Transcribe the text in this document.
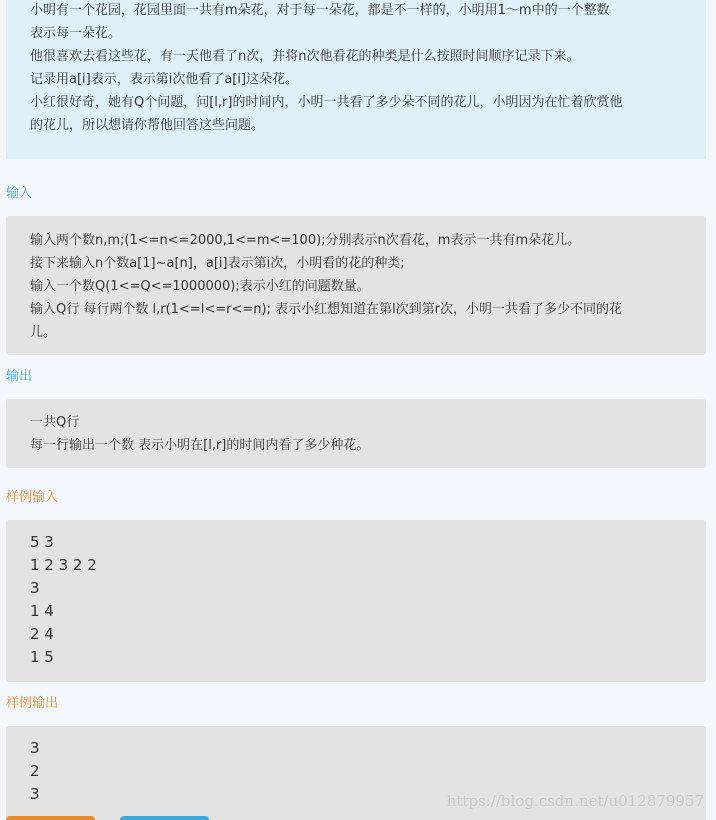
小明有一个花园，花园里面一共有m朵花，对于每一朵花，都是不一样的，小明用1～m中的一个整数

表示每一朵花。

他很喜欢去看这些花，有一天他看了n次，并将n次他看花的种类是什么按照时间顺序记录下来。

记录用a[i]表示，表示第i次他看了a[i]这朵花。

小红很好奇，她有Q个问题，问[l,r]的时间内，小明一共看了多少朵不同的花儿，小明因为在忙着欣赏他

的花儿，所以想请你帮他回答这些问题。

输入

输入两个数n,m;(1<=n<=2000,1<=m<=100);分别表示n次看花，m表示一共有m朵花儿。

接下来输入n个数a[1]~a[n]，a[i]表示第i次，小明看的花的种类;

输入一个数Q(1<=Q<=1000000);表示小红的问题数量。

输入Q行 每行两个数 l,r(1<=l<=r<=n); 表示小红想知道在第l次到第r次，小明一共看了多少不同的花

儿。

输出

一共Q行

每一行输出一个数 表示小明在[l,r]的时间内看了多少种花。

样例输入

5 3

1 2 3 2 2

3

1 4

2 4

1 5

样例输出

3

2

3	https://blog.csdn.net/u012879957
